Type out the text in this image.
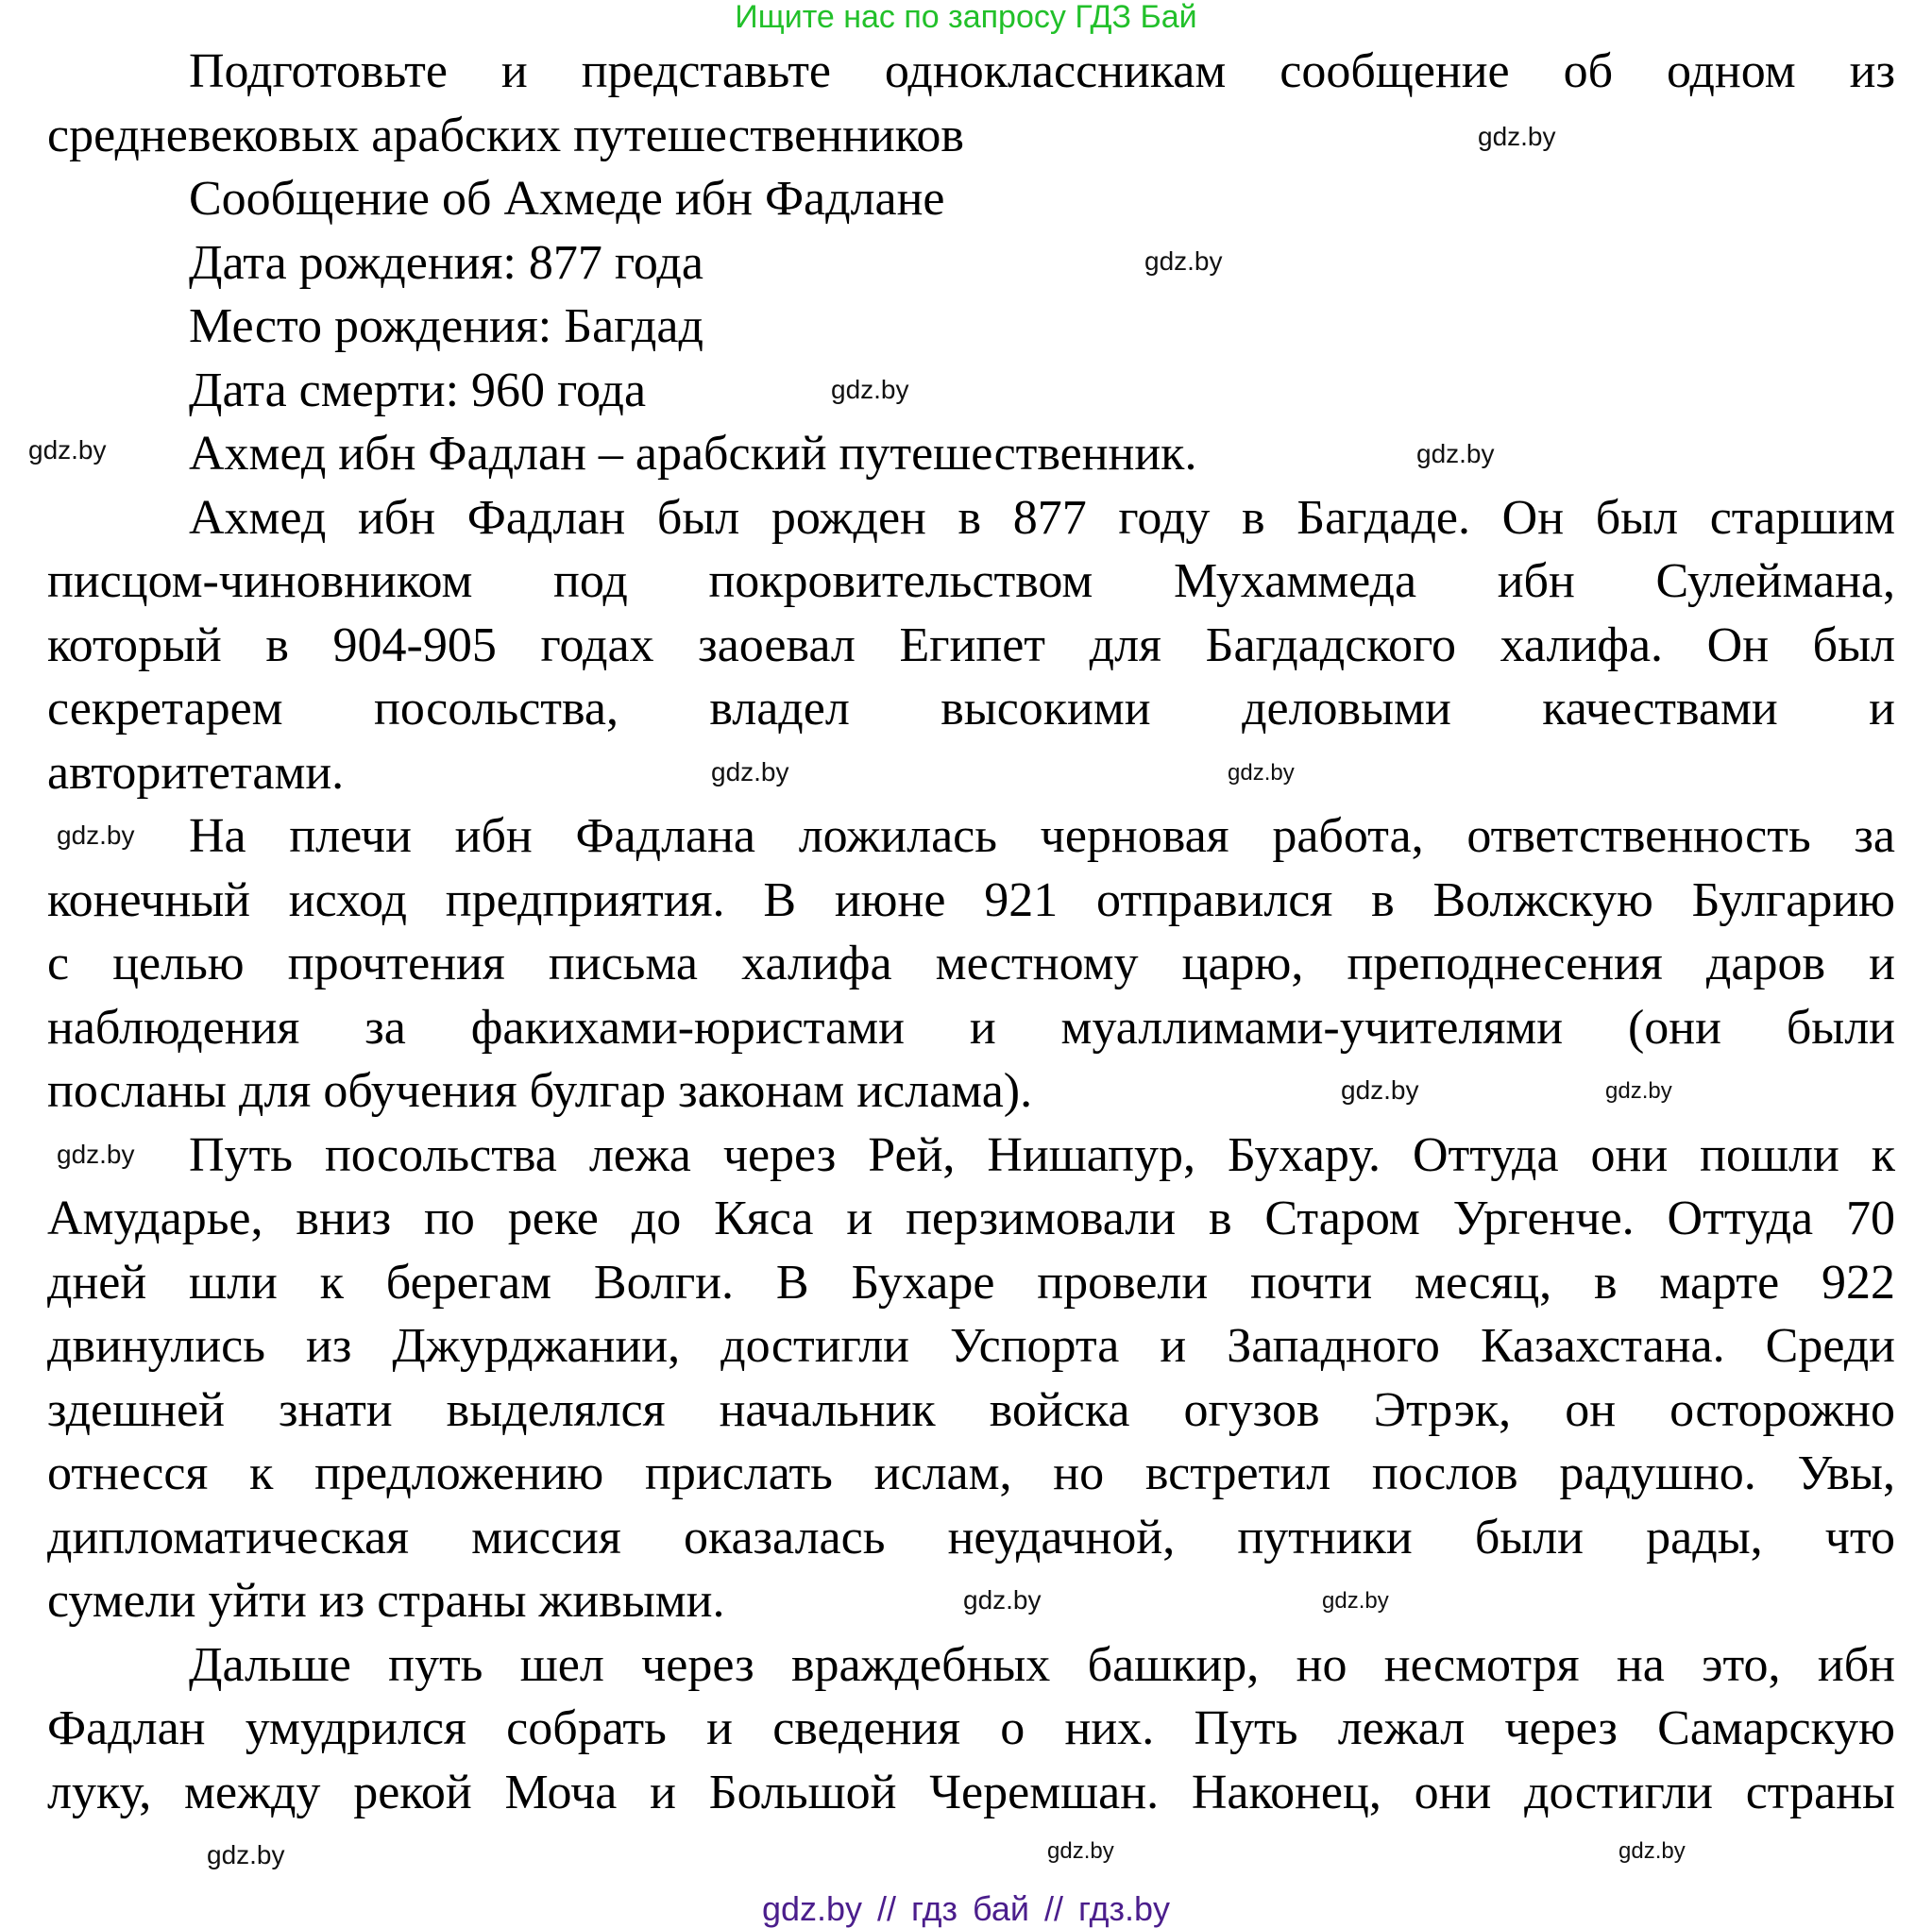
Ищите нас по запросу ГДЗ Бай
Подготовьте и представьте одноклассникам сообщение об одном из
средневековых арабских путешественников
Сообщение об Ахмеде ибн Фадлане
Дата рождения: 877 года
Место рождения: Багдад
Дата смерти: 960 года
Ахмед ибн Фадлан – арабский путешественник.
Ахмед ибн Фадлан был рожден в 877 году в Багдаде. Он был старшим
писцом-чиновником под покровительством Мухаммеда ибн Сулеймана,
который в 904-905 годах заоевал Египет для Багдадского халифа. Он был
секретарем посольства, владел высокими деловыми качествами и
авторитетами.
На плечи ибн Фадлана ложилась черновая работа, ответственность за
конечный исход предприятия. В июне 921 отправился в Волжскую Булгарию
с целью прочтения письма халифа местному царю, преподнесения даров и
наблюдения за факихами-юристами и муаллимами-учителями (они были
посланы для обучения булгар законам ислама).
Путь посольства лежа через Рей, Нишапур, Бухару. Оттуда они пошли к
Амударье, вниз по реке до Кяса и перзимовали в Старом Ургенче. Оттуда 70
дней шли к берегам Волги. В Бухаре провели почти месяц, в марте 922
двинулись из Джурджании, достигли Успорта и Западного Казахстана. Среди
здешней знати выделялся начальник войска огузов Этрэк, он осторожно
отнесся к предложению прислать ислам, но встретил послов радушно. Увы,
дипломатическая миссия оказалась неудачной, путники были рады, что
сумели уйти из страны живыми.
Дальше путь шел через враждебных башкир, но несмотря на это, ибн
Фадлан умудрился собрать и сведения о них. Путь лежал через Самарскую
луку, между рекой Моча и Большой Черемшан. Наконец, они достигли страны
gdz.by
gdz.by
gdz.by
gdz.by	gdz.by
gdz.by
gdz.by
gdz.by
gdz.by
gdz.by
gdz.by
gdz.by
gdz.by
gdz.by
gdz.by
gdz.by
gdz.by // гдз бай // гдз.by
